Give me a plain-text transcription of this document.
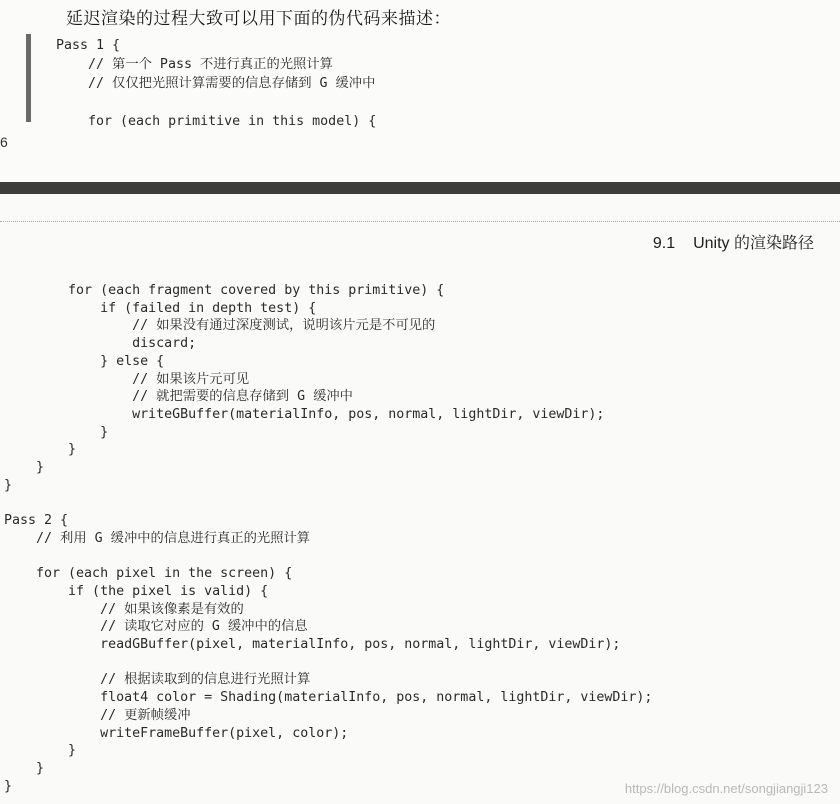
延迟渲染的过程大致可以用下面的伪代码来描述：
Pass 1 {
// 第一个 Pass 不进行真正的光照计算
// 仅仅把光照计算需要的信息存储到 G 缓冲中

for (each primitive in this model) {

6
9.1 Unity 的渲染路径
for (each fragment covered by this primitive) {
if (failed in depth test) {
// 如果没有通过深度测试，说明该片元是不可见的
discard;
} else {
// 如果该片元可见
// 就把需要的信息存储到 G 缓冲中
writeGBuffer(materialInfo, pos, normal, lightDir, viewDir);
}
}
}
}

Pass 2 {
// 利用 G 缓冲中的信息进行真正的光照计算

for (each pixel in the screen) {
if (the pixel is valid) {
// 如果该像素是有效的
// 读取它对应的 G 缓冲中的信息
readGBuffer(pixel, materialInfo, pos, normal, lightDir, viewDir);

// 根据读取到的信息进行光照计算
float4 color = Shading(materialInfo, pos, normal, lightDir, viewDir);
// 更新帧缓冲
writeFrameBuffer(pixel, color);
}
}
}	https://blog.csdn.net/songjiangji123
